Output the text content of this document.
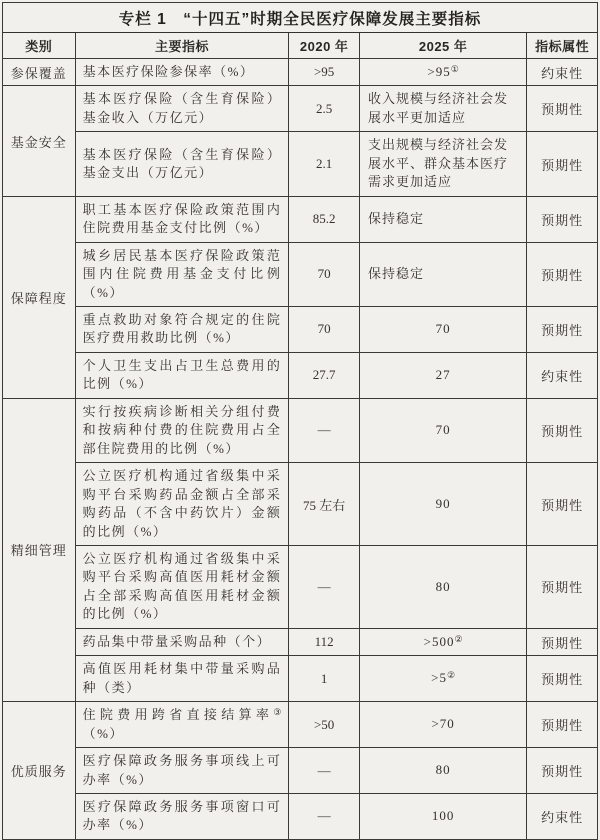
专栏 1　“十四五”时期全民医疗保障发展主要指标				
类别	主要指标	2020 年	2025 年	指标属性
参保覆盖	基本医疗保险参保率（%）	>95	>95①	约束性
基金安全	基本医疗保险（含生育保险）基金收入（万亿元）	2.5	收入规模与经济社会发展水平更加适应	预期性
	基本医疗保险（含生育保险）基金支出（万亿元）	2.1	支出规模与经济社会发展水平、群众基本医疗需求更加适应	预期性
保障程度	职工基本医疗保险政策范围内住院费用基金支付比例（%）	85.2	保持稳定	预期性
	城乡居民基本医疗保险政策范围内住院费用基金支付比例（%）	70	保持稳定	预期性
	重点救助对象符合规定的住院医疗费用救助比例（%）	70	70	预期性
	个人卫生支出占卫生总费用的比例（%）	27.7	27	约束性
精细管理	实行按疾病诊断相关分组付费和按病种付费的住院费用占全部住院费用的比例（%）	—	70	预期性
	公立医疗机构通过省级集中采购平台采购药品金额占全部采购药品（不含中药饮片）金额的比例（%）	75 左右	90	预期性
	公立医疗机构通过省级集中采购平台采购高值医用耗材金额占全部采购高值医用耗材金额的比例（%）	—	80	预期性
	药品集中带量采购品种（个）	112	>500②	预期性
	高值医用耗材集中带量采购品种（类）	1	>5②	预期性
优质服务	住院费用跨省直接结算率③（%）	>50	>70	预期性
	医疗保障政务服务事项线上可办率（%）	—	80	预期性
	医疗保障政务服务事项窗口可办率（%）	—	100	约束性
